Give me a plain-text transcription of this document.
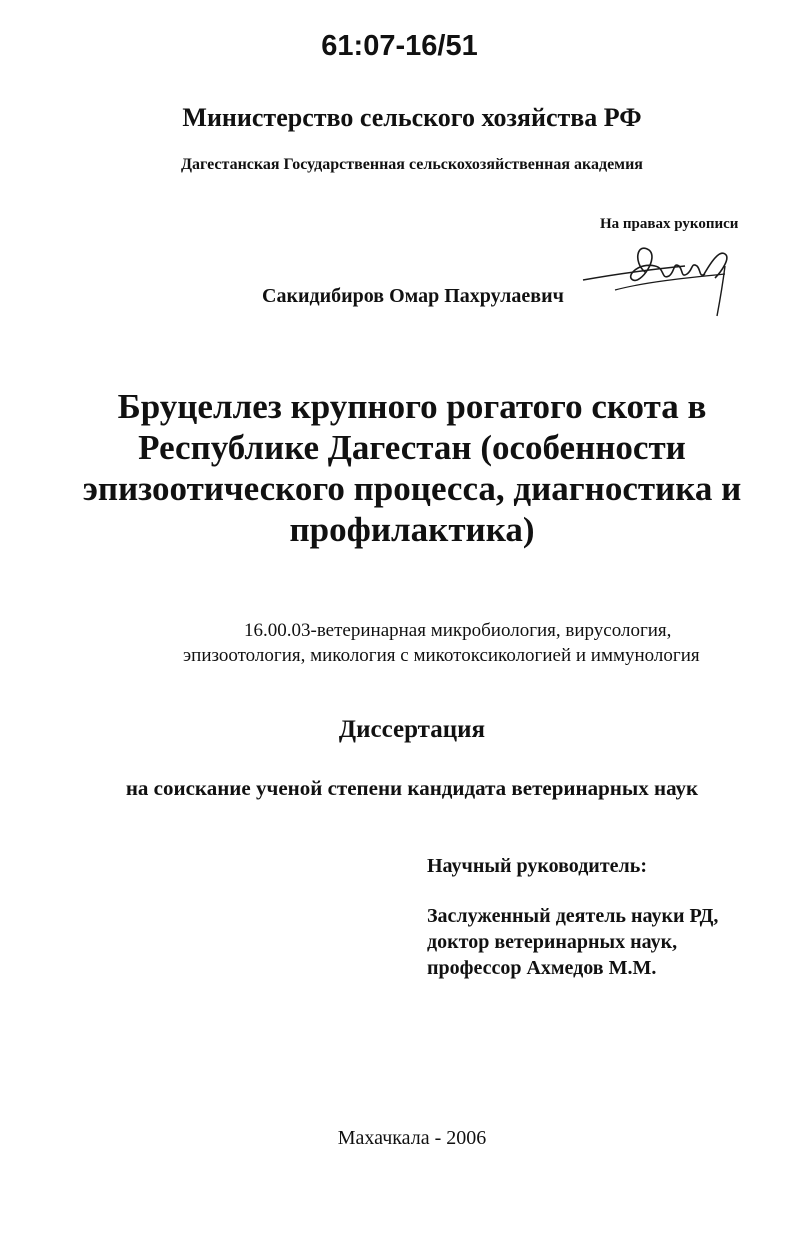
61:07-16/51
Министерство сельского хозяйства РФ
Дагестанская Государственная сельскохозяйственная академия
На правах рукописи
Сакидибиров Омар Пахрулаевич
Бруцеллез крупного рогатого скота в
Республике Дагестан (особенности
эпизоотического процесса, диагностика и
профилактика)
16.00.03-ветеринарная микробиология, вирусология,
эпизоотология, микология с микотоксикологией и иммунология
Диссертация
на соискание ученой степени кандидата ветеринарных наук
Научный руководитель:
Заслуженный деятель науки РД,
доктор ветеринарных наук,
профессор Ахмедов М.М.
Махачкала - 2006
